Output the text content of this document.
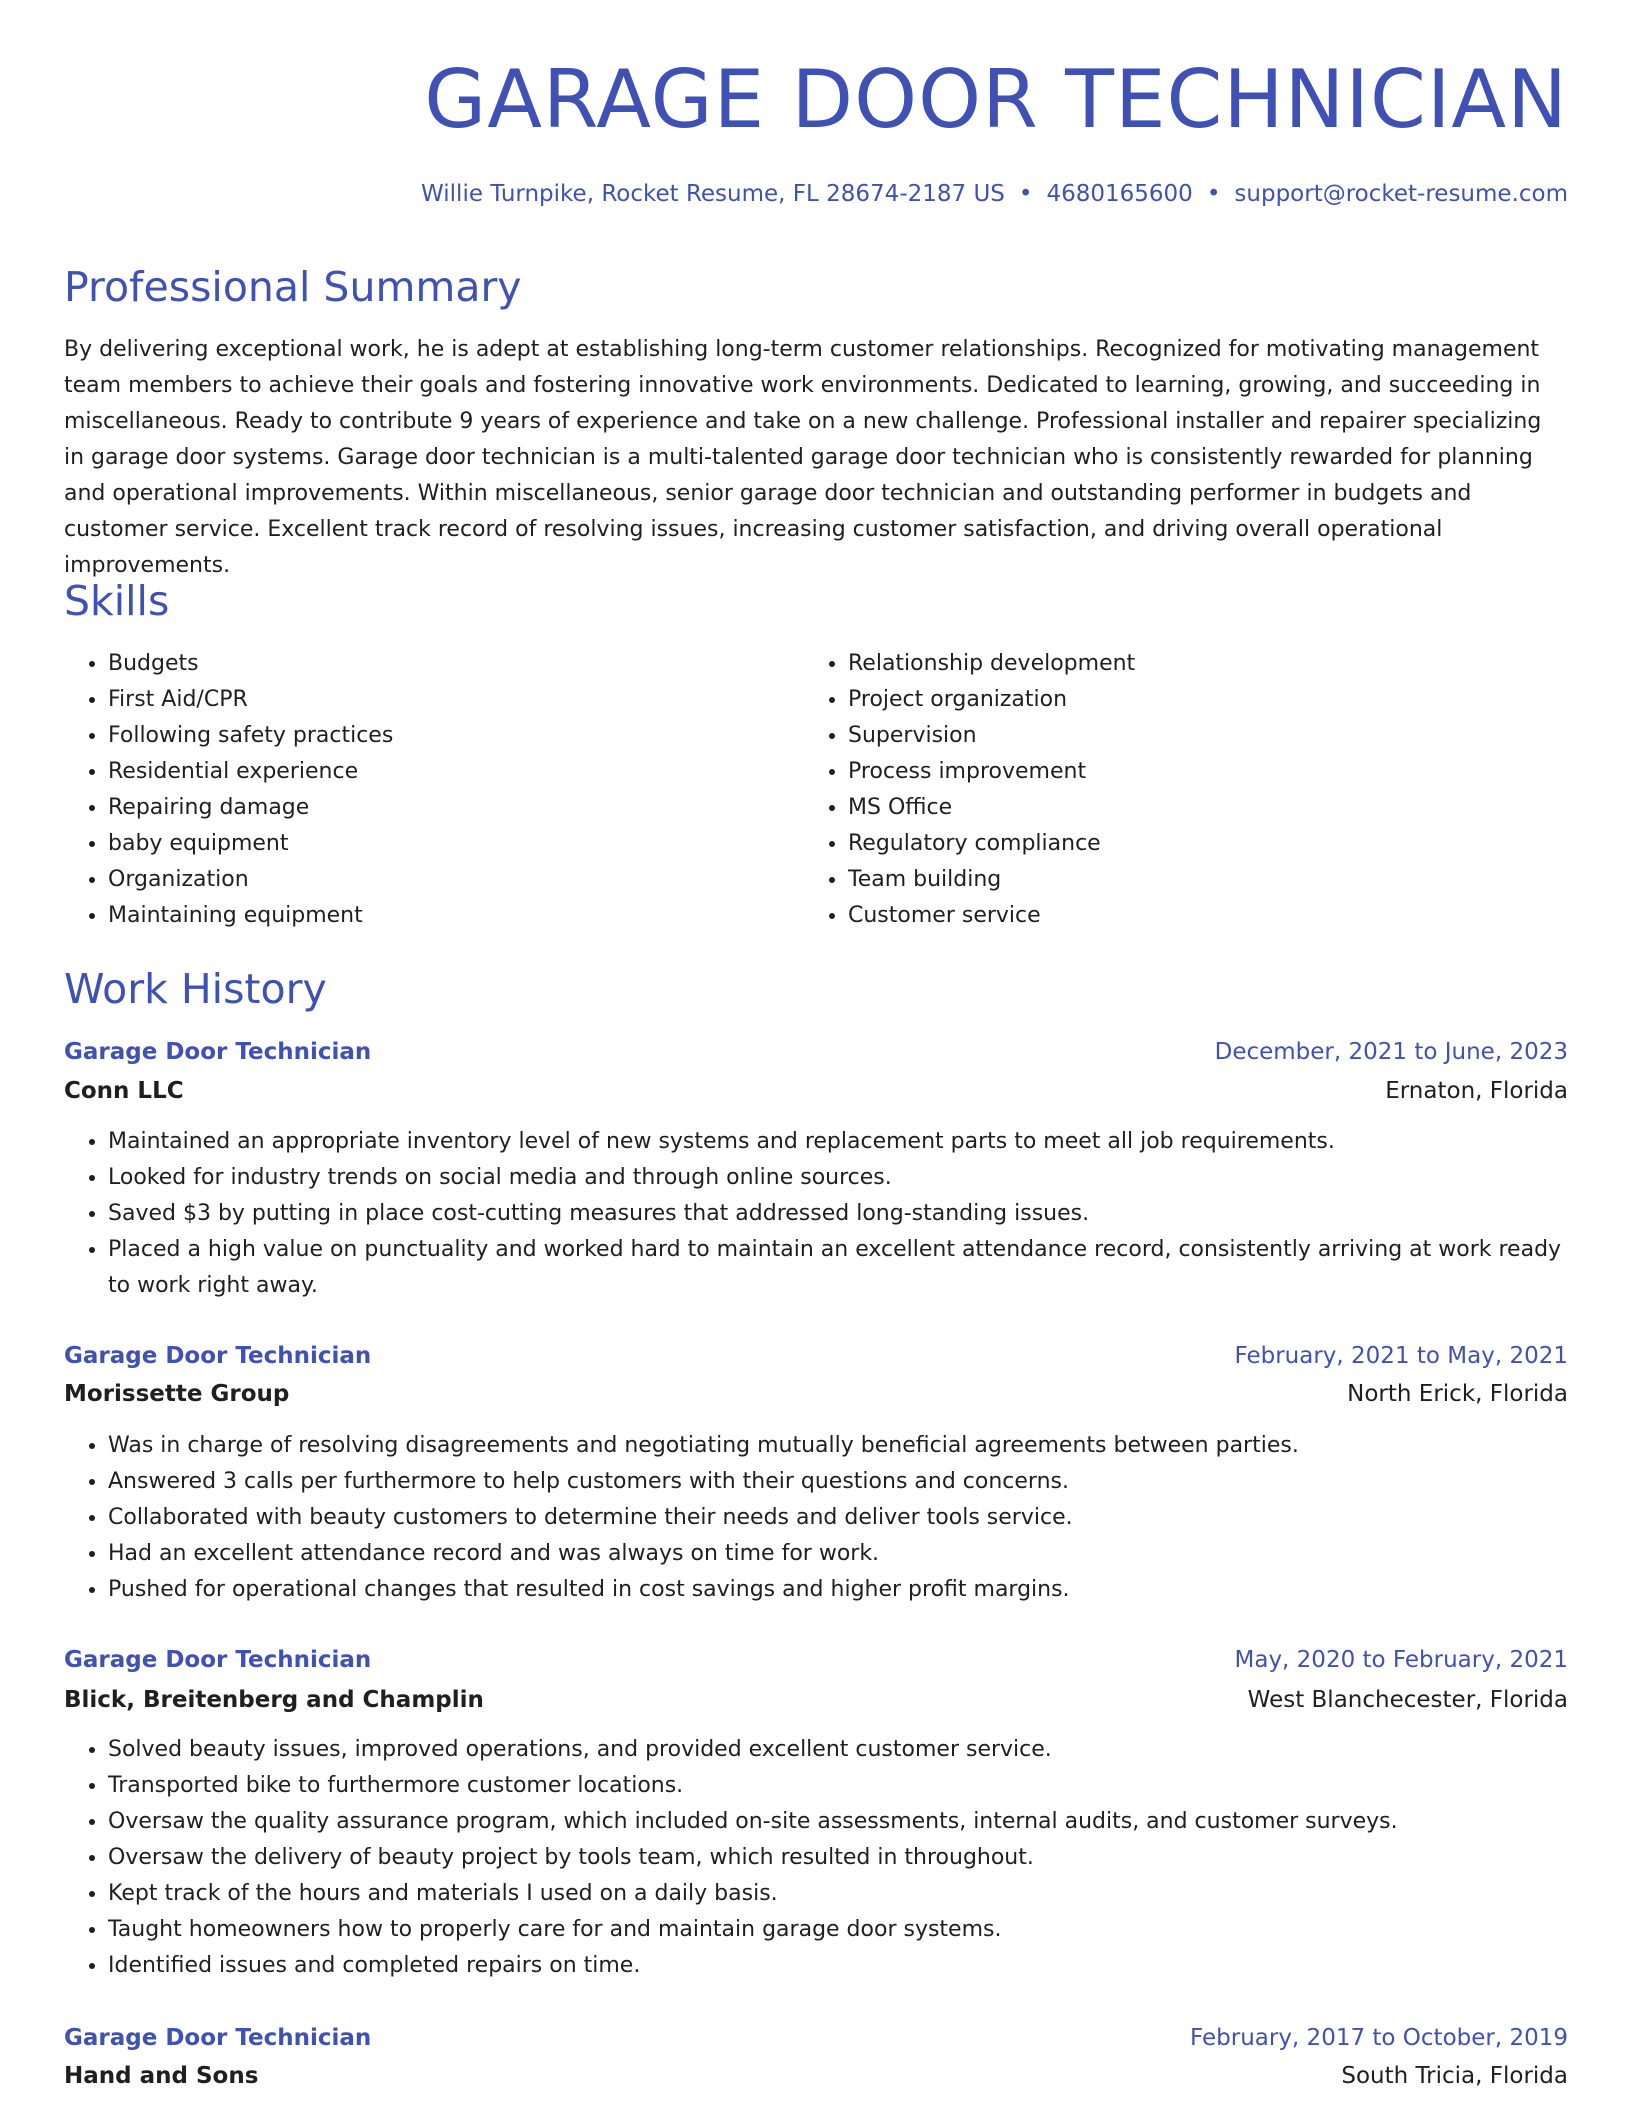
GARAGE DOOR TECHNICIAN
Willie Turnpike, Rocket Resume, FL 28674-2187 US • 4680165600 • support@rocket-resume.com
Professional Summary

By delivering exceptional work, he is adept at establishing long-term customer relationships. Recognized for motivating management team members to achieve their goals and fostering innovative work environments. Dedicated to learning, growing, and succeeding in miscellaneous. Ready to contribute 9 years of experience and take on a new challenge. Professional installer and repairer specializing in garage door systems. Garage door technician is a multi-talented garage door technician who is consistently rewarded for planning and operational improvements. Within miscellaneous, senior garage door technician and outstanding performer in budgets and customer service. Excellent track record of resolving issues, increasing customer satisfaction, and driving overall operational improvements.

Skills
• Budgets
• First Aid/CPR
• Following safety practices
• Residential experience
• Repairing damage
• baby equipment
• Organization
• Maintaining equipment
• Relationship development
• Project organization
• Supervision
• Process improvement
• MS Office
• Regulatory compliance
• Team building
• Customer service
Work History
Garage Door Technician	December, 2021 to June, 2023
Conn LLC	Ernaton, Florida
• Maintained an appropriate inventory level of new systems and replacement parts to meet all job requirements.
• Looked for industry trends on social media and through online sources.
• Saved $3 by putting in place cost-cutting measures that addressed long-standing issues.
• Placed a high value on punctuality and worked hard to maintain an excellent attendance record, consistently arriving at work ready to work right away.
Garage Door Technician	February, 2021 to May, 2021
Morissette Group	North Erick, Florida
• Was in charge of resolving disagreements and negotiating mutually beneficial agreements between parties.
• Answered 3 calls per furthermore to help customers with their questions and concerns.
• Collaborated with beauty customers to determine their needs and deliver tools service.
• Had an excellent attendance record and was always on time for work.
• Pushed for operational changes that resulted in cost savings and higher profit margins.
Garage Door Technician	May, 2020 to February, 2021
Blick, Breitenberg and Champlin	West Blanchecester, Florida
• Solved beauty issues, improved operations, and provided excellent customer service.
• Transported bike to furthermore customer locations.
• Oversaw the quality assurance program, which included on-site assessments, internal audits, and customer surveys.
• Oversaw the delivery of beauty project by tools team, which resulted in throughout.
• Kept track of the hours and materials I used on a daily basis.
• Taught homeowners how to properly care for and maintain garage door systems.
• Identified issues and completed repairs on time.
Garage Door Technician	February, 2017 to October, 2019
Hand and Sons	South Tricia, Florida
